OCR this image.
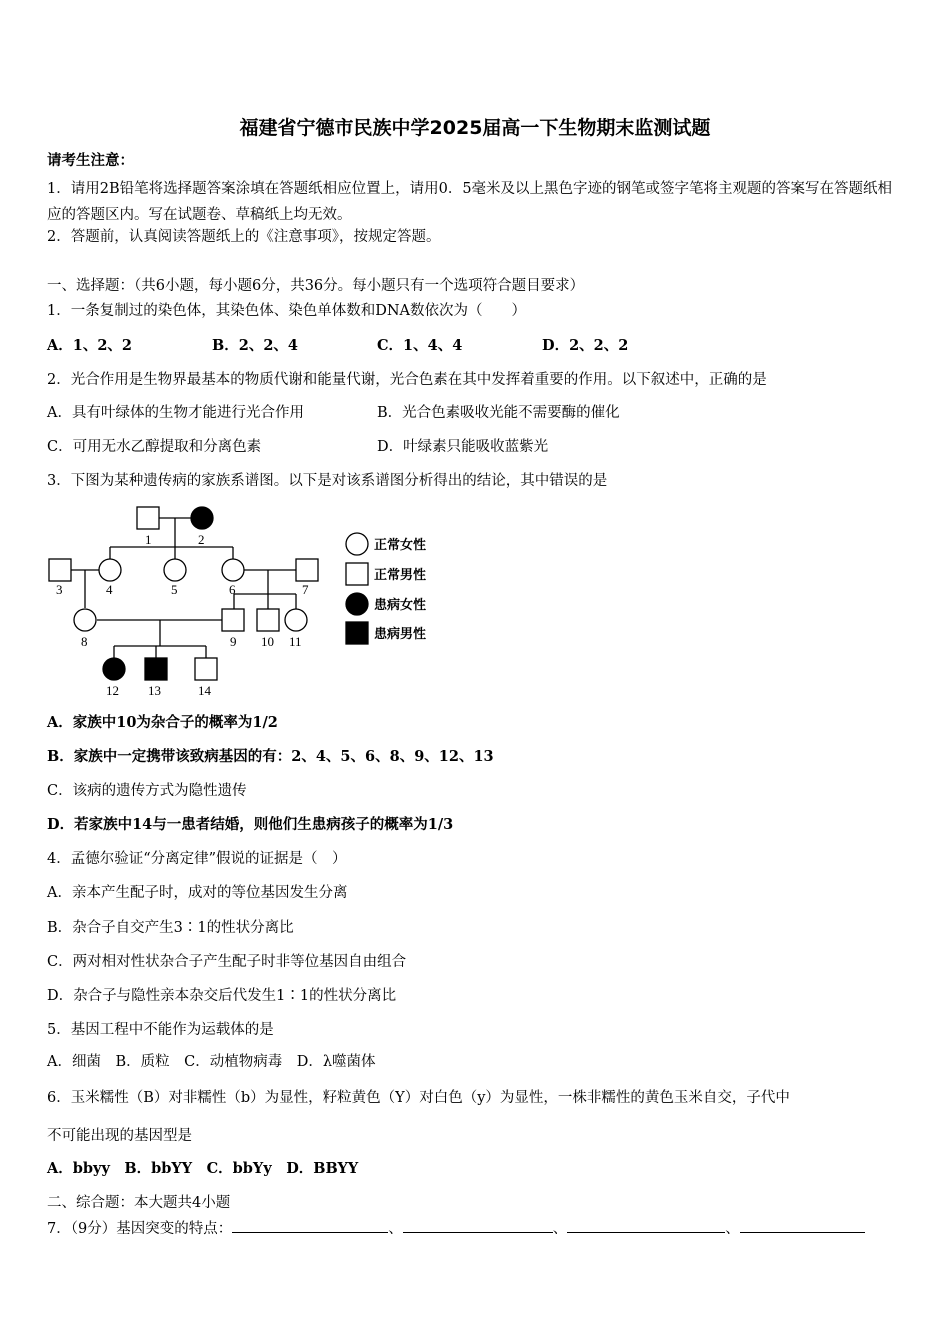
福建省宁德市民族中学2025届高一下生物期末监测试题
请考生注意：
1．请用2B铅笔将选择题答案涂填在答题纸相应位置上，请用0．5毫米及以上黑色字迹的钢笔或签字笔将主观题的答案写在答题纸相应的答题区内。写在试题卷、草稿纸上均无效。
2．答题前，认真阅读答题纸上的《注意事项》，按规定答题。
一、选择题：（共6小题，每小题6分，共36分。每小题只有一个选项符合题目要求）
1．一条复制过的染色体，其染色体、染色单体数和DNA数依次为（　　）
A．1、2、2	B．2、2、4	C．1、4、4	D．2、2、2
2．光合作用是生物界最基本的物质代谢和能量代谢，光合色素在其中发挥着重要的作用。以下叙述中，正确的是
A．具有叶绿体的生物才能进行光合作用	B．光合色素吸收光能不需要酶的催化
C．可用无水乙醇提取和分离色素	D．叶绿素只能吸收蓝紫光
3．下图为某种遗传病的家族系谱图。以下是对该系谱图分析得出的结论，其中错误的是
1	2
3	4	5	6	7
8	9 10 11
12 13	14
正常女性
正常男性
患病女性
患病男性
A．家族中10为杂合子的概率为1/2
B．家族中一定携带该致病基因的有：2、4、5、6、8、9、12、13
C．该病的遗传方式为隐性遗传
D．若家族中14与一患者结婚，则他们生患病孩子的概率为1/3
4．孟德尔验证“分离定律”假说的证据是（　）
A．亲本产生配子时，成对的等位基因发生分离
B．杂合子自交产生3∶1的性状分离比
C．两对相对性状杂合子产生配子时非等位基因自由组合
D．杂合子与隐性亲本杂交后代发生1∶1的性状分离比
5．基因工程中不能作为运载体的是
A．细菌　B．质粒　C．动植物病毒　D．λ噬菌体
6．玉米糯性（B）对非糯性（b）为显性，籽粒黄色（Y）对白色（y）为显性，一株非糯性的黄色玉米自交，子代中
不可能出现的基因型是
A．bbyy　B．bbYY　C．bbYy　D．BBYY
二、综合题：本大题共4小题
7．（9分）基因突变的特点：	、	、	、
